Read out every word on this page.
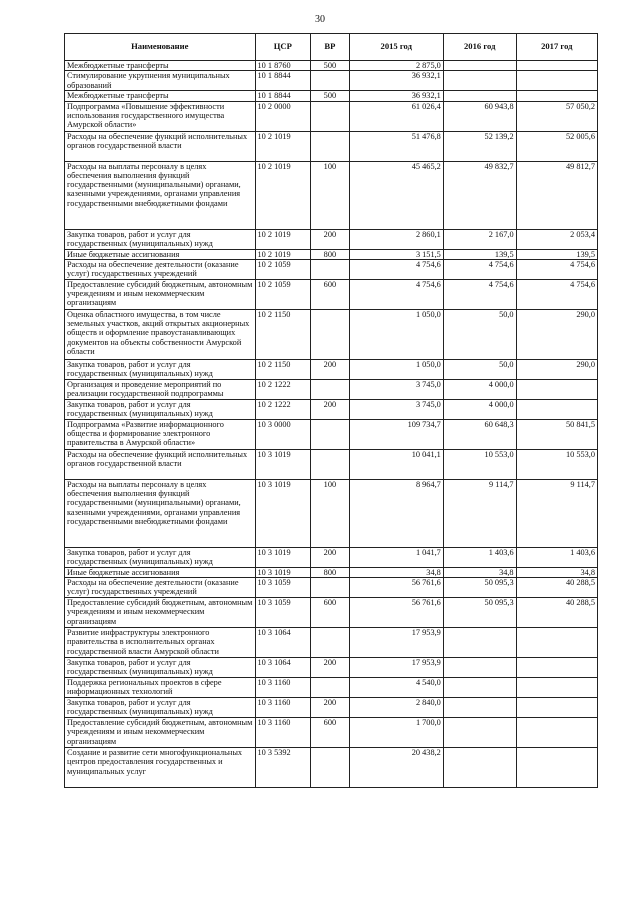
30
Наименование	ЦСР	ВР	2015 год	2016 год	2017 год
Межбюджетные трансферты	10 1 8760	500	2 875,0		
Стимулирование укрупнения муниципальных образований	10 1 8844		36 932,1		
Межбюджетные трансферты	10 1 8844	500	36 932,1		
Подпрограмма «Повышение эффективности использования государственного имущества Амурской области»	10 2 0000		61 026,4	60 943,8	57 050,2
Расходы на обеспечение функций исполнительных органов государственной власти	10 2 1019		51 476,8	52 139,2	52 005,6
Расходы на выплаты персоналу в целях обеспечения выполнения функций государственными (муниципальными) органами, казенными учреждениями, органами управления государственными внебюджетными фондами	10 2 1019	100	45 465,2	49 832,7	49 812,7
Закупка товаров, работ и услуг для государственных (муниципальных) нужд	10 2 1019	200	2 860,1	2 167,0	2 053,4
Иные бюджетные ассигнования	10 2 1019	800	3 151,5	139,5	139,5
Расходы на обеспечение деятельности (оказание услуг) государственных учреждений	10 2 1059		4 754,6	4 754,6	4 754,6
Предоставление субсидий бюджетным, автономным учреждениям и иным некоммерческим организациям	10 2 1059	600	4 754,6	4 754,6	4 754,6
Оценка областного имущества, в том числе земельных участков, акций открытых акционерных обществ и оформление правоустанавливающих документов на объекты собственности Амурской области	10 2 1150		1 050,0	50,0	290,0
Закупка товаров, работ и услуг для государственных (муниципальных) нужд	10 2 1150	200	1 050,0	50,0	290,0
Организация и проведение мероприятий по реализации государственной подпрограммы	10 2 1222		3 745,0	4 000,0	
Закупка товаров, работ и услуг для государственных (муниципальных) нужд	10 2 1222	200	3 745,0	4 000,0	
Подпрограмма «Развитие информационного общества и формирование электронного правительства в Амурской области»	10 3 0000		109 734,7	60 648,3	50 841,5
Расходы на обеспечение функций исполнительных органов государственной власти	10 3 1019		10 041,1	10 553,0	10 553,0
Расходы на выплаты персоналу в целях обеспечения выполнения функций государственными (муниципальными) органами, казенными учреждениями, органами управления государственными внебюджетными фондами	10 3 1019	100	8 964,7	9 114,7	9 114,7
Закупка товаров, работ и услуг для государственных (муниципальных) нужд	10 3 1019	200	1 041,7	1 403,6	1 403,6
Иные бюджетные ассигнования	10 3 1019	800	34,8	34,8	34,8
Расходы на обеспечение деятельности (оказание услуг) государственных учреждений	10 3 1059		56 761,6	50 095,3	40 288,5
Предоставление субсидий бюджетным, автономным учреждениям и иным некоммерческим организациям	10 3 1059	600	56 761,6	50 095,3	40 288,5
Развитие инфраструктуры электронного правительства в исполнительных органах государственной власти Амурской области	10 3 1064		17 953,9		
Закупка товаров, работ и услуг для государственных (муниципальных) нужд	10 3 1064	200	17 953,9		
Поддержка региональных проектов в сфере информационных технологий	10 3 1160		4 540,0		
Закупка товаров, работ и услуг для государственных (муниципальных) нужд	10 3 1160	200	2 840,0		
Предоставление субсидий бюджетным, автономным учреждениям и иным некоммерческим организациям	10 3 1160	600	1 700,0		
Создание и развитие сети многофункциональных центров предоставления государственных и муниципальных услуг	10 3 5392		20 438,2		
